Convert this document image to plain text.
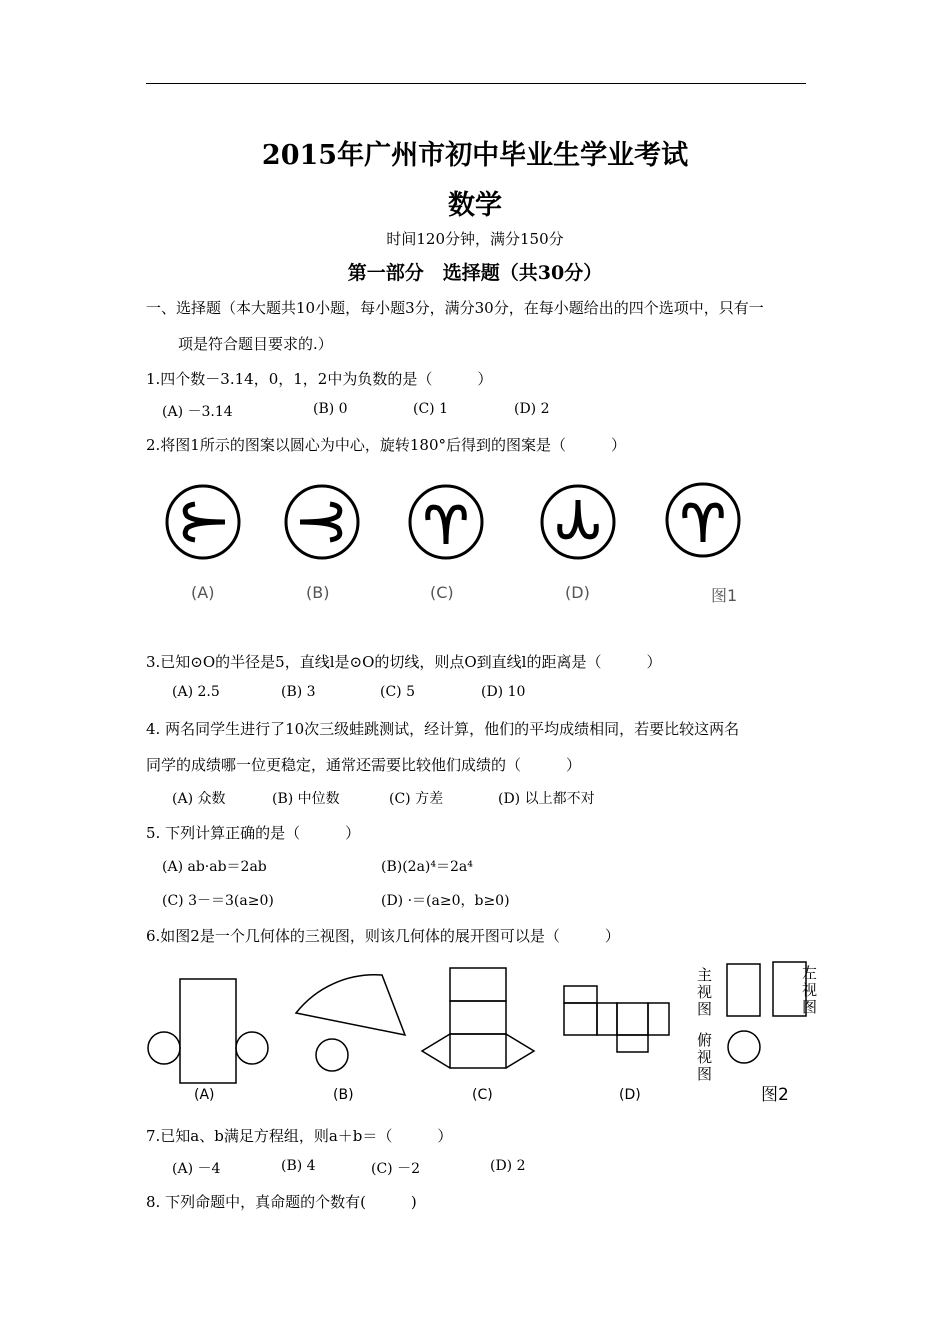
2015年广州市初中毕业生学业考试
数学
时间120分钟，满分150分
第一部分　选择题（共30分）
一、选择题（本大题共10小题，每小题3分，满分30分，在每小题给出的四个选项中，只有一
项是符合题目要求的.）
1.四个数－3.14，0，1，2中为负数的是（　　　）
(A) －3.14	(B) 0	(C) 1	(D) 2
2.将图1所示的图案以圆心为中心，旋转180°后得到的图案是（　　　）
(A)	(B)	(C)	(D)	图1
3.已知⊙O的半径是5，直线l是⊙O的切线，则点O到直线l的距离是（　　　）
(A) 2.5	(B) 3	(C) 5	(D) 10
4. 两名同学生进行了10次三级蛙跳测试，经计算，他们的平均成绩相同，若要比较这两名
同学的成绩哪一位更稳定，通常还需要比较他们成绩的（　　　）
(A) 众数	(B) 中位数	(C) 方差	(D) 以上都不对
5. 下列计算正确的是（　　　）
(A) ab·ab＝2ab	(B)(2a)⁴＝2a⁴
(C) 3－＝3(a≥0)	(D) ·＝(a≥0，b≥0)
6.如图2是一个几何体的三视图，则该几何体的展开图可以是（　　　）
主视图
左视图
俯视图
(A)	(B)	(C)	(D)	图2
7.已知a、b满足方程组，则a＋b＝（　　　）
(A) －4	(B) 4	(C) －2	(D) 2
8. 下列命题中，真命题的个数有(　　　)
